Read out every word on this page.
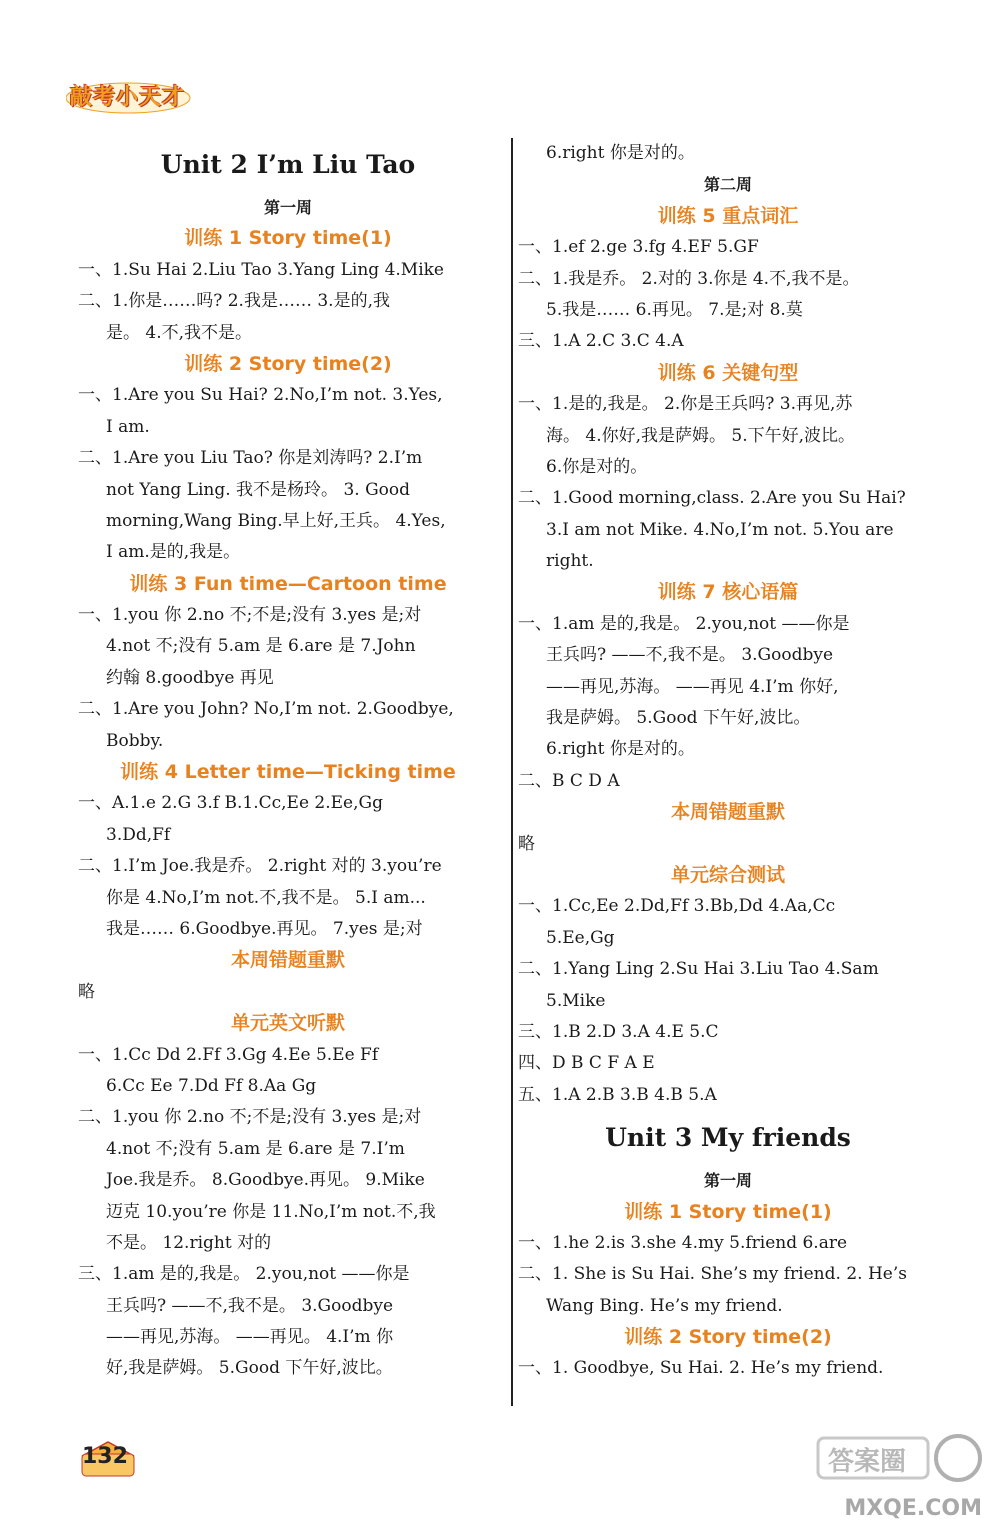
敲考小天才
Unit 2 I’m Liu Tao
第一周
训练 1 Story time(1)
一、1.Su Hai 2.Liu Tao 3.Yang Ling 4.Mike
二、1.你是……吗? 2.我是…… 3.是的,我
是。 4.不,我不是。
训练 2 Story time(2)
一、1.Are you Su Hai? 2.No,I’m not. 3.Yes,
I am.
二、1.Are you Liu Tao? 你是刘涛吗? 2.I’m
not Yang Ling. 我不是杨玲。 3. Good
morning,Wang Bing.早上好,王兵。 4.Yes,
I am.是的,我是。
训练 3 Fun time—Cartoon time
一、1.you 你 2.no 不;不是;没有 3.yes 是;对
4.not 不;没有 5.am 是 6.are 是 7.John
约翰 8.goodbye 再见
二、1.Are you John? No,I’m not. 2.Goodbye,
Bobby.
训练 4 Letter time—Ticking time
一、A.1.e 2.G 3.f B.1.Cc,Ee 2.Ee,Gg
3.Dd,Ff
二、1.I’m Joe.我是乔。 2.right 对的 3.you’re
你是 4.No,I’m not.不,我不是。 5.I am...
我是…… 6.Goodbye.再见。 7.yes 是;对
本周错题重默
略
单元英文听默
一、1.Cc Dd 2.Ff 3.Gg 4.Ee 5.Ee Ff
6.Cc Ee 7.Dd Ff 8.Aa Gg
二、1.you 你 2.no 不;不是;没有 3.yes 是;对
4.not 不;没有 5.am 是 6.are 是 7.I’m
Joe.我是乔。 8.Goodbye.再见。 9.Mike
迈克 10.you’re 你是 11.No,I’m not.不,我
不是。 12.right 对的
三、1.am 是的,我是。 2.you,not ——你是
王兵吗? ——不,我不是。 3.Goodbye
——再见,苏海。 ——再见。 4.I’m 你
好,我是萨姆。 5.Good 下午好,波比。
6.right 你是对的。
第二周
训练 5 重点词汇
一、1.ef 2.ge 3.fg 4.EF 5.GF
二、1.我是乔。 2.对的 3.你是 4.不,我不是。
5.我是…… 6.再见。 7.是;对 8.莫
三、1.A 2.C 3.C 4.A
训练 6 关键句型
一、1.是的,我是。 2.你是王兵吗? 3.再见,苏
海。 4.你好,我是萨姆。 5.下午好,波比。
6.你是对的。
二、1.Good morning,class. 2.Are you Su Hai?
3.I am not Mike. 4.No,I’m not. 5.You are
right.
训练 7 核心语篇
一、1.am 是的,我是。 2.you,not ——你是
王兵吗? ——不,我不是。 3.Goodbye
——再见,苏海。 ——再见 4.I’m 你好,
我是萨姆。 5.Good 下午好,波比。
6.right 你是对的。
二、B C D A
本周错题重默
略
单元综合测试
一、1.Cc,Ee 2.Dd,Ff 3.Bb,Dd 4.Aa,Cc
5.Ee,Gg
二、1.Yang Ling 2.Su Hai 3.Liu Tao 4.Sam
5.Mike
三、1.B 2.D 3.A 4.E 5.C
四、D B C F A E
五、1.A 2.B 3.B 4.B 5.A
Unit 3 My friends
第一周
训练 1 Story time(1)
一、1.he 2.is 3.she 4.my 5.friend 6.are
二、1. She is Su Hai. She’s my friend. 2. He’s
Wang Bing. He’s my friend.
训练 2 Story time(2)
一、1. Goodbye, Su Hai. 2. He’s my friend.
132	答案圈
MXQE.COM
